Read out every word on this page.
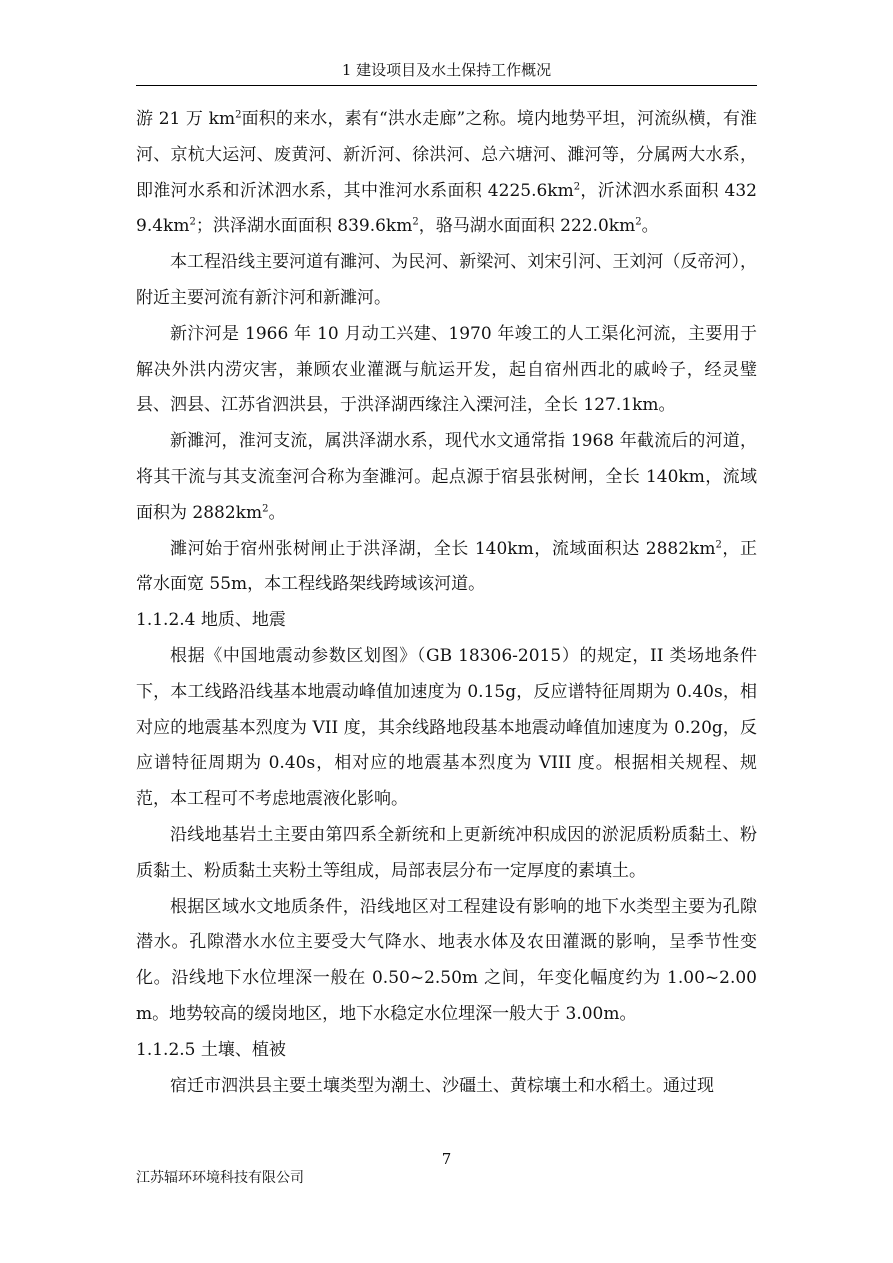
1 建设项目及水土保持工作概况

游 21 万 $km^2$面积的来水，素有“洪水走廊”之称。境内地势平坦，河流纵横，有淮河、京杭大运河、废黄河、新沂河、徐洪河、总六塘河、濉河等，分属两大水系，即淮河水系和沂沭泗水系，其中淮河水系面积 $4225.6km^2$，沂沭泗水系面积 $4329.4km^2$；洪泽湖水面面积 $839.6km^2$，骆马湖水面面积 $222.0km^2$。

本工程沿线主要河道有濉河、为民河、新梁河、刘宋引河、王刘河（反帝河），附近主要河流有新汴河和新濉河。

新汴河是 1966 年 10 月动工兴建、1970 年竣工的人工渠化河流，主要用于解决外洪内涝灾害，兼顾农业灌溉与航运开发，起自宿州西北的戚岭子，经灵璧县、泗县、江苏省泗洪县，于洪泽湖西缘注入溧河洼，全长 127.1km。

新濉河，淮河支流，属洪泽湖水系，现代水文通常指 1968 年截流后的河道，将其干流与其支流奎河合称为奎濉河。起点源于宿县张树闸，全长 140km，流域面积为 $2882km^2$。

濉河始于宿州张树闸止于洪泽湖，全长 140km，流域面积达 $2882km^2$，正常水面宽 55m，本工程线路架线跨域该河道。

1.1.2.4 地质、地震

根据《中国地震动参数区划图》（GB 18306-2015）的规定，II 类场地条件下，本工线路沿线基本地震动峰值加速度为 0.15g，反应谱特征周期为 0.40s，相对应的地震基本烈度为 VII 度，其余线路地段基本地震动峰值加速度为 0.20g，反应谱特征周期为 0.40s，相对应的地震基本烈度为 VIII 度。根据相关规程、规范，本工程可不考虑地震液化影响。

沿线地基岩土主要由第四系全新统和上更新统冲积成因的淤泥质粉质黏土、粉质黏土、粉质黏土夹粉土等组成，局部表层分布一定厚度的素填土。

根据区域水文地质条件，沿线地区对工程建设有影响的地下水类型主要为孔隙潜水。孔隙潜水水位主要受大气降水、地表水体及农田灌溉的影响，呈季节性变化。沿线地下水位埋深一般在 0.50~2.50m 之间，年变化幅度约为 1.00~2.00m。地势较高的缓岗地区，地下水稳定水位埋深一般大于 3.00m。

1.1.2.5 土壤、植被

宿迁市泗洪县主要土壤类型为潮土、沙礓土、黄棕壤土和水稻土。通过现

7
江苏辐环环境科技有限公司
